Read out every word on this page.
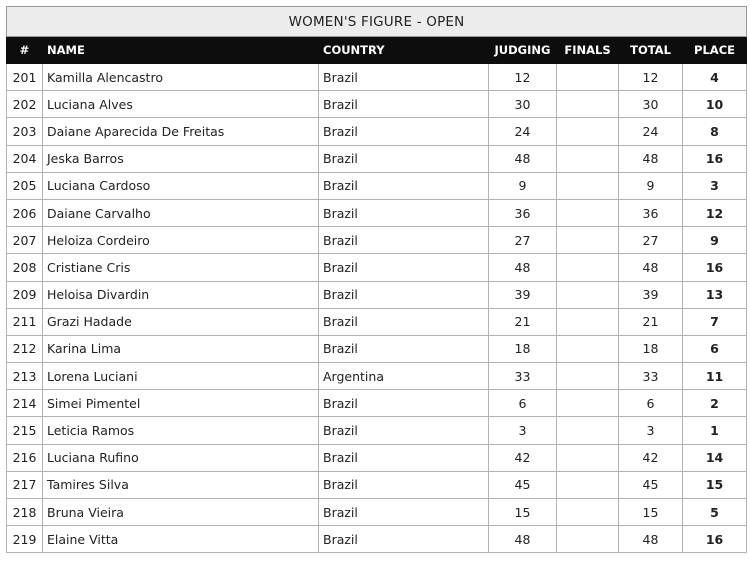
WOMEN'S FIGURE - OPEN						
#	NAME	COUNTRY	JUDGING	FINALS	TOTAL	PLACE
201	Kamilla Alencastro	Brazil	12		12	4
202	Luciana Alves	Brazil	30		30	10
203	Daiane Aparecida De Freitas	Brazil	24		24	8
204	Jeska Barros	Brazil	48		48	16
205	Luciana Cardoso	Brazil	9		9	3
206	Daiane Carvalho	Brazil	36		36	12
207	Heloiza Cordeiro	Brazil	27		27	9
208	Cristiane Cris	Brazil	48		48	16
209	Heloisa Divardin	Brazil	39		39	13
211	Grazi Hadade	Brazil	21		21	7
212	Karina Lima	Brazil	18		18	6
213	Lorena Luciani	Argentina	33		33	11
214	Simei Pimentel	Brazil	6		6	2
215	Leticia Ramos	Brazil	3		3	1
216	Luciana Rufino	Brazil	42		42	14
217	Tamires Silva	Brazil	45		45	15
218	Bruna Vieira	Brazil	15		15	5
219	Elaine Vitta	Brazil	48		48	16
